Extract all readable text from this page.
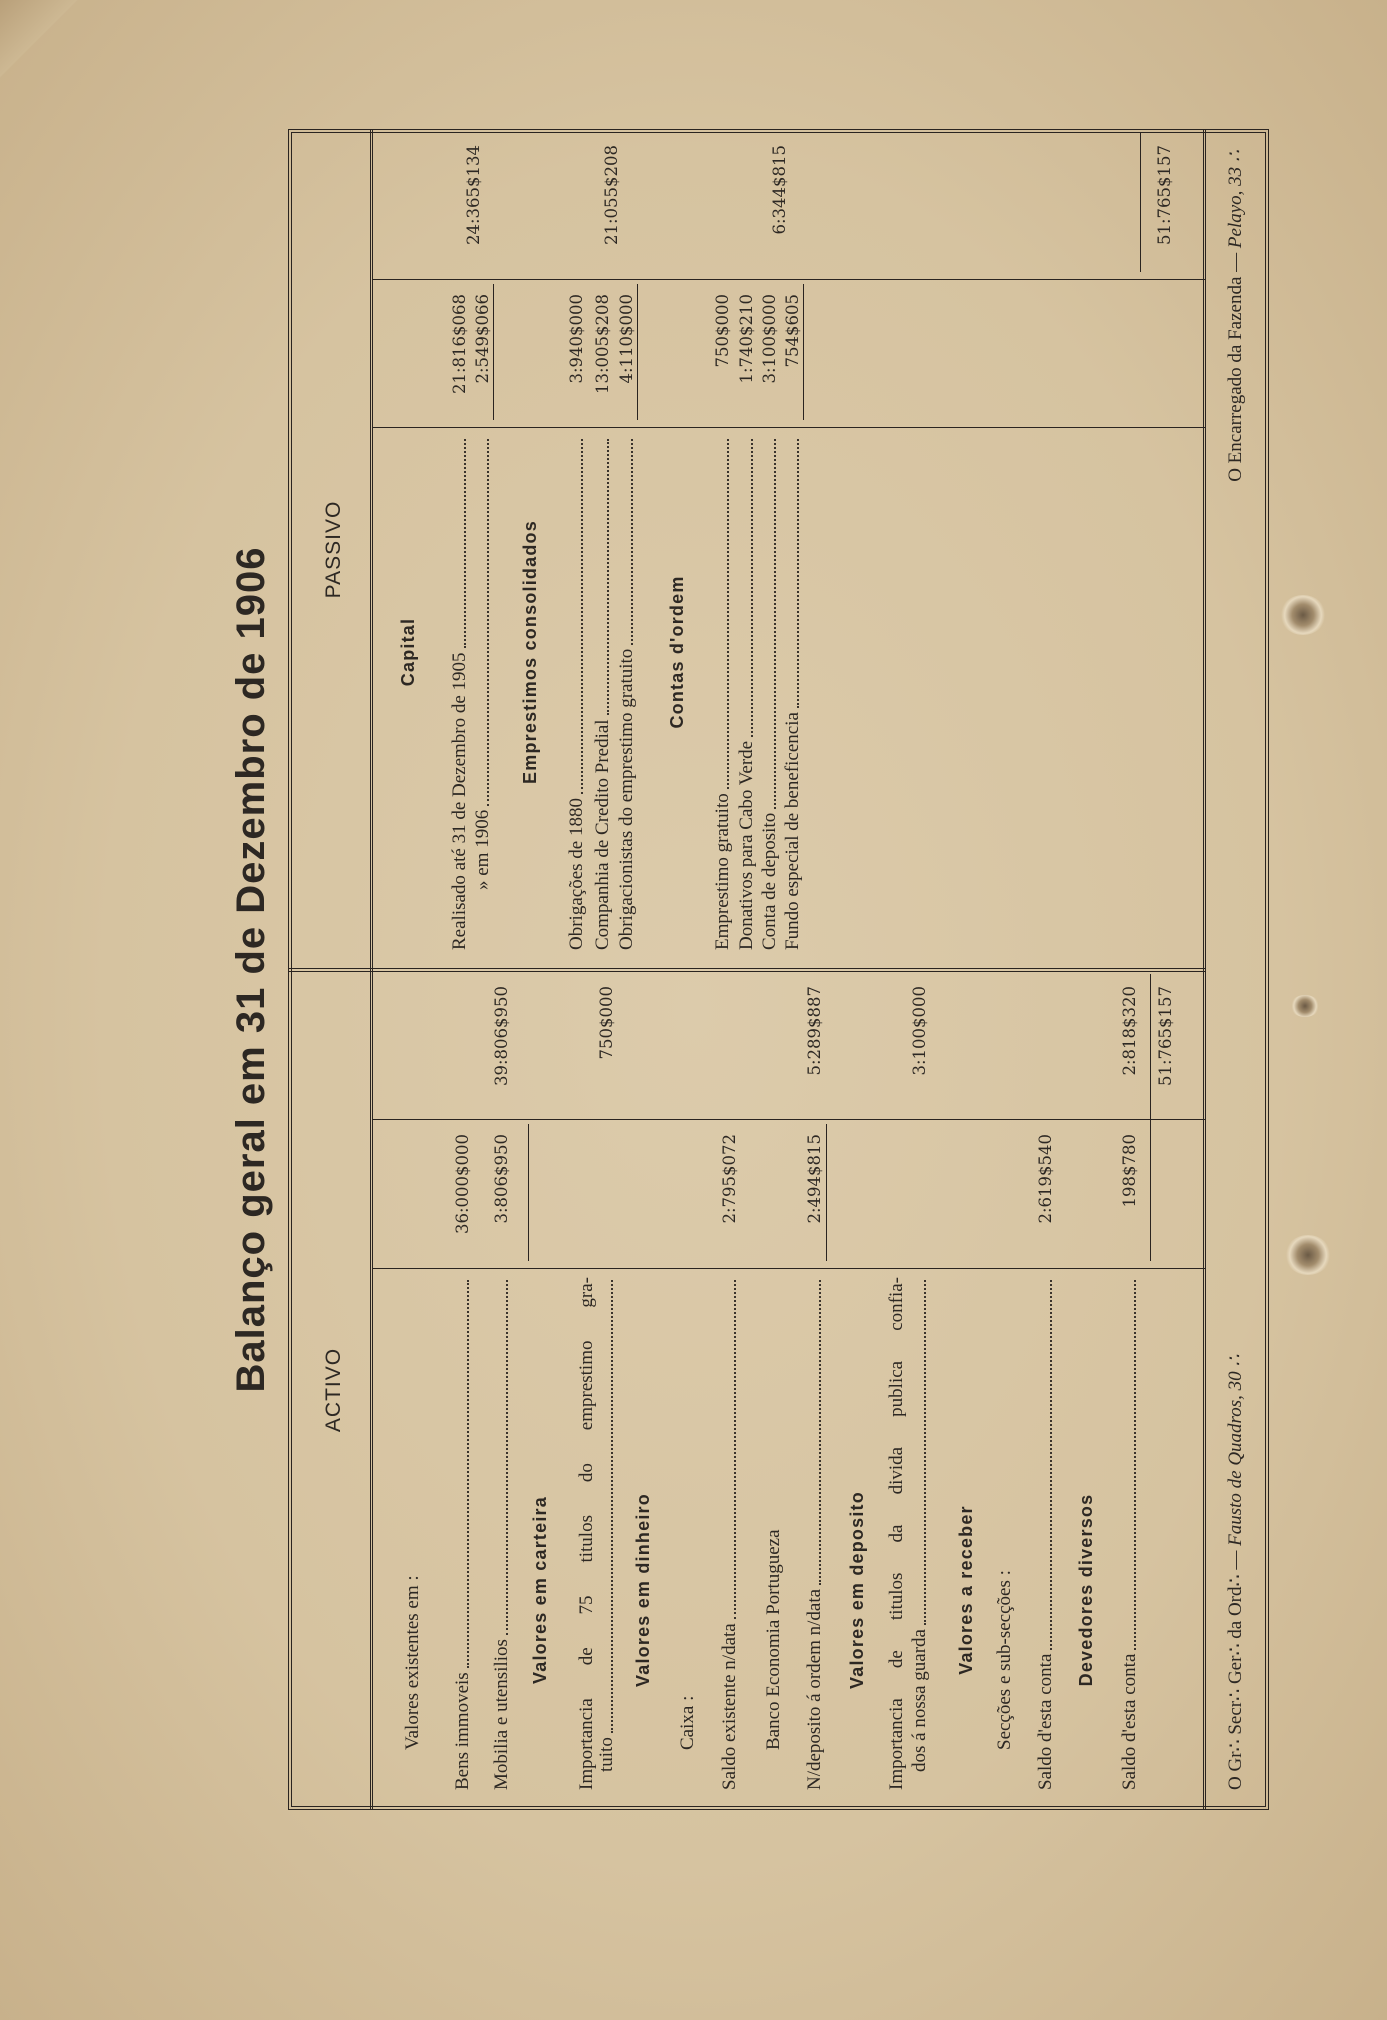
Balanço geral em 31 de Dezembro de 1906 ACTIVO
PASSIVO
Valores existentes em : Bens immoveis
36:000$000
Mobilia e utensilios
3:806$950
39:806$950
Valores em carteira Importancia de 75 titulos do emprestimo gra- tuito
750$000
Valores em dinheiro
Caixa : Saldo existente n/data
2:795$072
Banco Economia Portugueza N/deposito á ordem n/data
2:494$815
5:289$887
Valores em deposito Importancia de titulos da divida publica confia- dos á nossa guarda
3:100$000
Valores a receber Secções e sub-secções : Saldo d'esta conta
2:619$540
Devedores diversos
Saldo d'esta conta
198$780
2:818$320 51:765$157
Capital
Realisado até 31 de Dezembro de 1905
21:816$068
» em 1906
2:549$066
24:365$134
Emprestimos consolidados
Obrigações de 1880
3:940$000
Companhia de Credito Predial
13:005$208
Obrigacionistas do emprestimo gratuito
4:110$000
21:055$208
Contas d'ordem
Emprestimo gratuito
750$000
Donativos para Cabo Verde
1:740$210
Conta de deposito
3:100$000
Fundo especial de beneficencia
754$605
6:344$815	51:765$157
O Gr∴ Secr∴ Ger∴ da Ord∴ — Fausto de Quadros, 30 ∴
O Encarregado da Fazenda — Pelayo, 33 ∴
